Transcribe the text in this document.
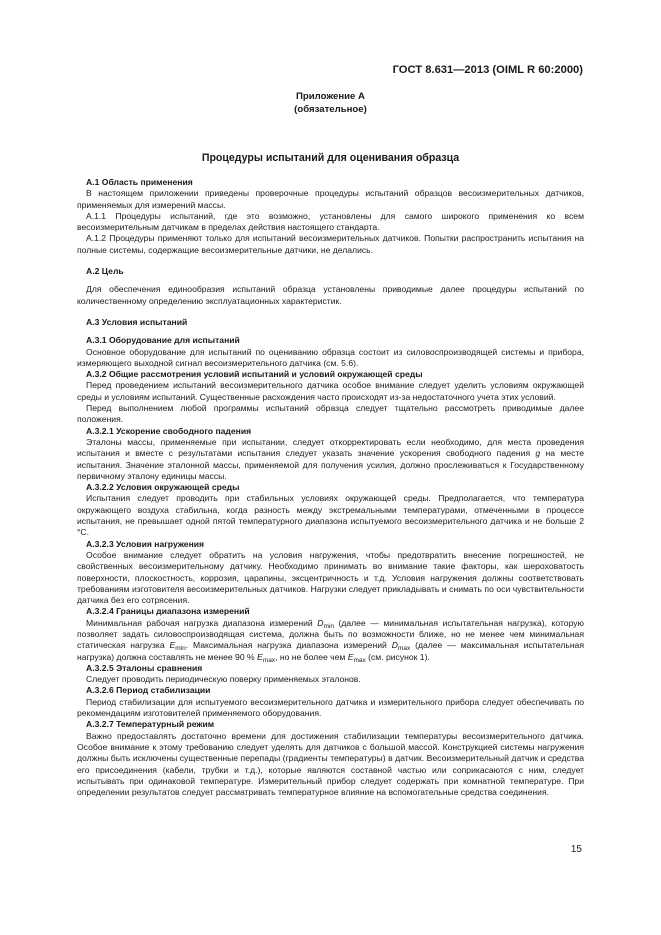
ГОСТ 8.631—2013 (OIML R 60:2000)
Приложение А
(обязательное)
Процедуры испытаний для оценивания образца

А.1 Область применения

В настоящем приложении приведены проверочные процедуры испытаний образцов весоизмерительных датчиков, применяемых для измерений массы.

А.1.1 Процедуры испытаний, где это возможно, установлены для самого широкого применения ко всем весоизмерительным датчикам в пределах действия настоящего стандарта.

А.1.2 Процедуры применяют только для испытаний весоизмерительных датчиков. Попытки распространить испытания на полные системы, содержащие весоизмерительные датчики, не делались.

А.2 Цель

Для обеспечения единообразия испытаний образца установлены приводимые далее процедуры испытаний по количественному определению эксплуатационных характеристик.

А.3 Условия испытаний

А.3.1 Оборудование для испытаний

Основное оборудование для испытаний по оцениванию образца состоит из силовоспроизводящей системы и прибора, измеряющего выходной сигнал весоизмерительного датчика (см. 5.6).

А.3.2 Общие рассмотрения условий испытаний и условий окружающей среды

Перед проведением испытаний весоизмерительного датчика особое внимание следует уделить условиям окружающей среды и условиям испытаний. Существенные расхождения часто происходят из-за недостаточного учета этих условий.

Перед выполнением любой программы испытаний образца следует тщательно рассмотреть приводимые далее положения.

А.3.2.1 Ускорение свободного падения

Эталоны массы, применяемые при испытании, следует откорректировать если необходимо, для места проведения испытания и вместе с результатами испытания следует указать значение ускорения свободного падения g на месте испытания. Значение эталонной массы, применяемой для получения усилия, должно прослеживаться к Государственному первичному эталону единицы массы.

А.3.2.2 Условия окружающей среды

Испытания следует проводить при стабильных условиях окружающей среды. Предполагается, что температура окружающего воздуха стабильна, когда разность между экстремальными температурами, отмеченными в процессе испытания, не превышает одной пятой температурного диапазона испытуемого весоизмерительного датчика и не больше 2 °С.

А.3.2.3 Условия нагружения

Особое внимание следует обратить на условия нагружения, чтобы предотвратить внесение погрешностей, не свойственных весоизмерительному датчику. Необходимо принимать во внимание такие факторы, как шероховатость поверхности, плоскостность, коррозия, царапины, эксцентричность и т.д. Условия нагружения должны соответствовать требованиям изготовителя весоизмерительных датчиков. Нагрузки следует прикладывать и снимать по оси чувствительности датчика без его сотрясения.

А.3.2.4 Границы диапазона измерений

Минимальная рабочая нагрузка диапазона измерений $D_{min}$ (далее — минимальная испытательная нагрузка), которую позволяет задать силовоспроизводящая система, должна быть по возможности ближе, но не менее чем минимальная статическая нагрузка $E_{min}$. Максимальная нагрузка диапазона измерений $D_{max}$ (далее — максимальная испытательная нагрузка) должна составлять не менее 90 % $E_{max}$, но не более чем $E_{max}$ (см. рисунок 1).

А.3.2.5 Эталоны сравнения

Следует проводить периодическую поверку применяемых эталонов.

А.3.2.6 Период стабилизации

Период стабилизации для испытуемого весоизмерительного датчика и измерительного прибора следует обеспечивать по рекомендациям изготовителей применяемого оборудования.

А.3.2.7 Температурный режим

Важно предоставлять достаточно времени для достижения стабилизации температуры весоизмерительного датчика. Особое внимание к этому требованию следует уделять для датчиков с большой массой. Конструкцией системы нагружения должны быть исключены существенные перепады (градиенты температуры) в датчик. Весоизмерительный датчик и средства его присоединения (кабели, трубки и т.д.), которые являются составной частью или соприкасаются с ним, следует испытывать при одинаковой температуре. Измерительный прибор следует содержать при комнатной температуре. При определении результатов следует рассматривать температурное влияние на вспомогательные средства соединения.

15
